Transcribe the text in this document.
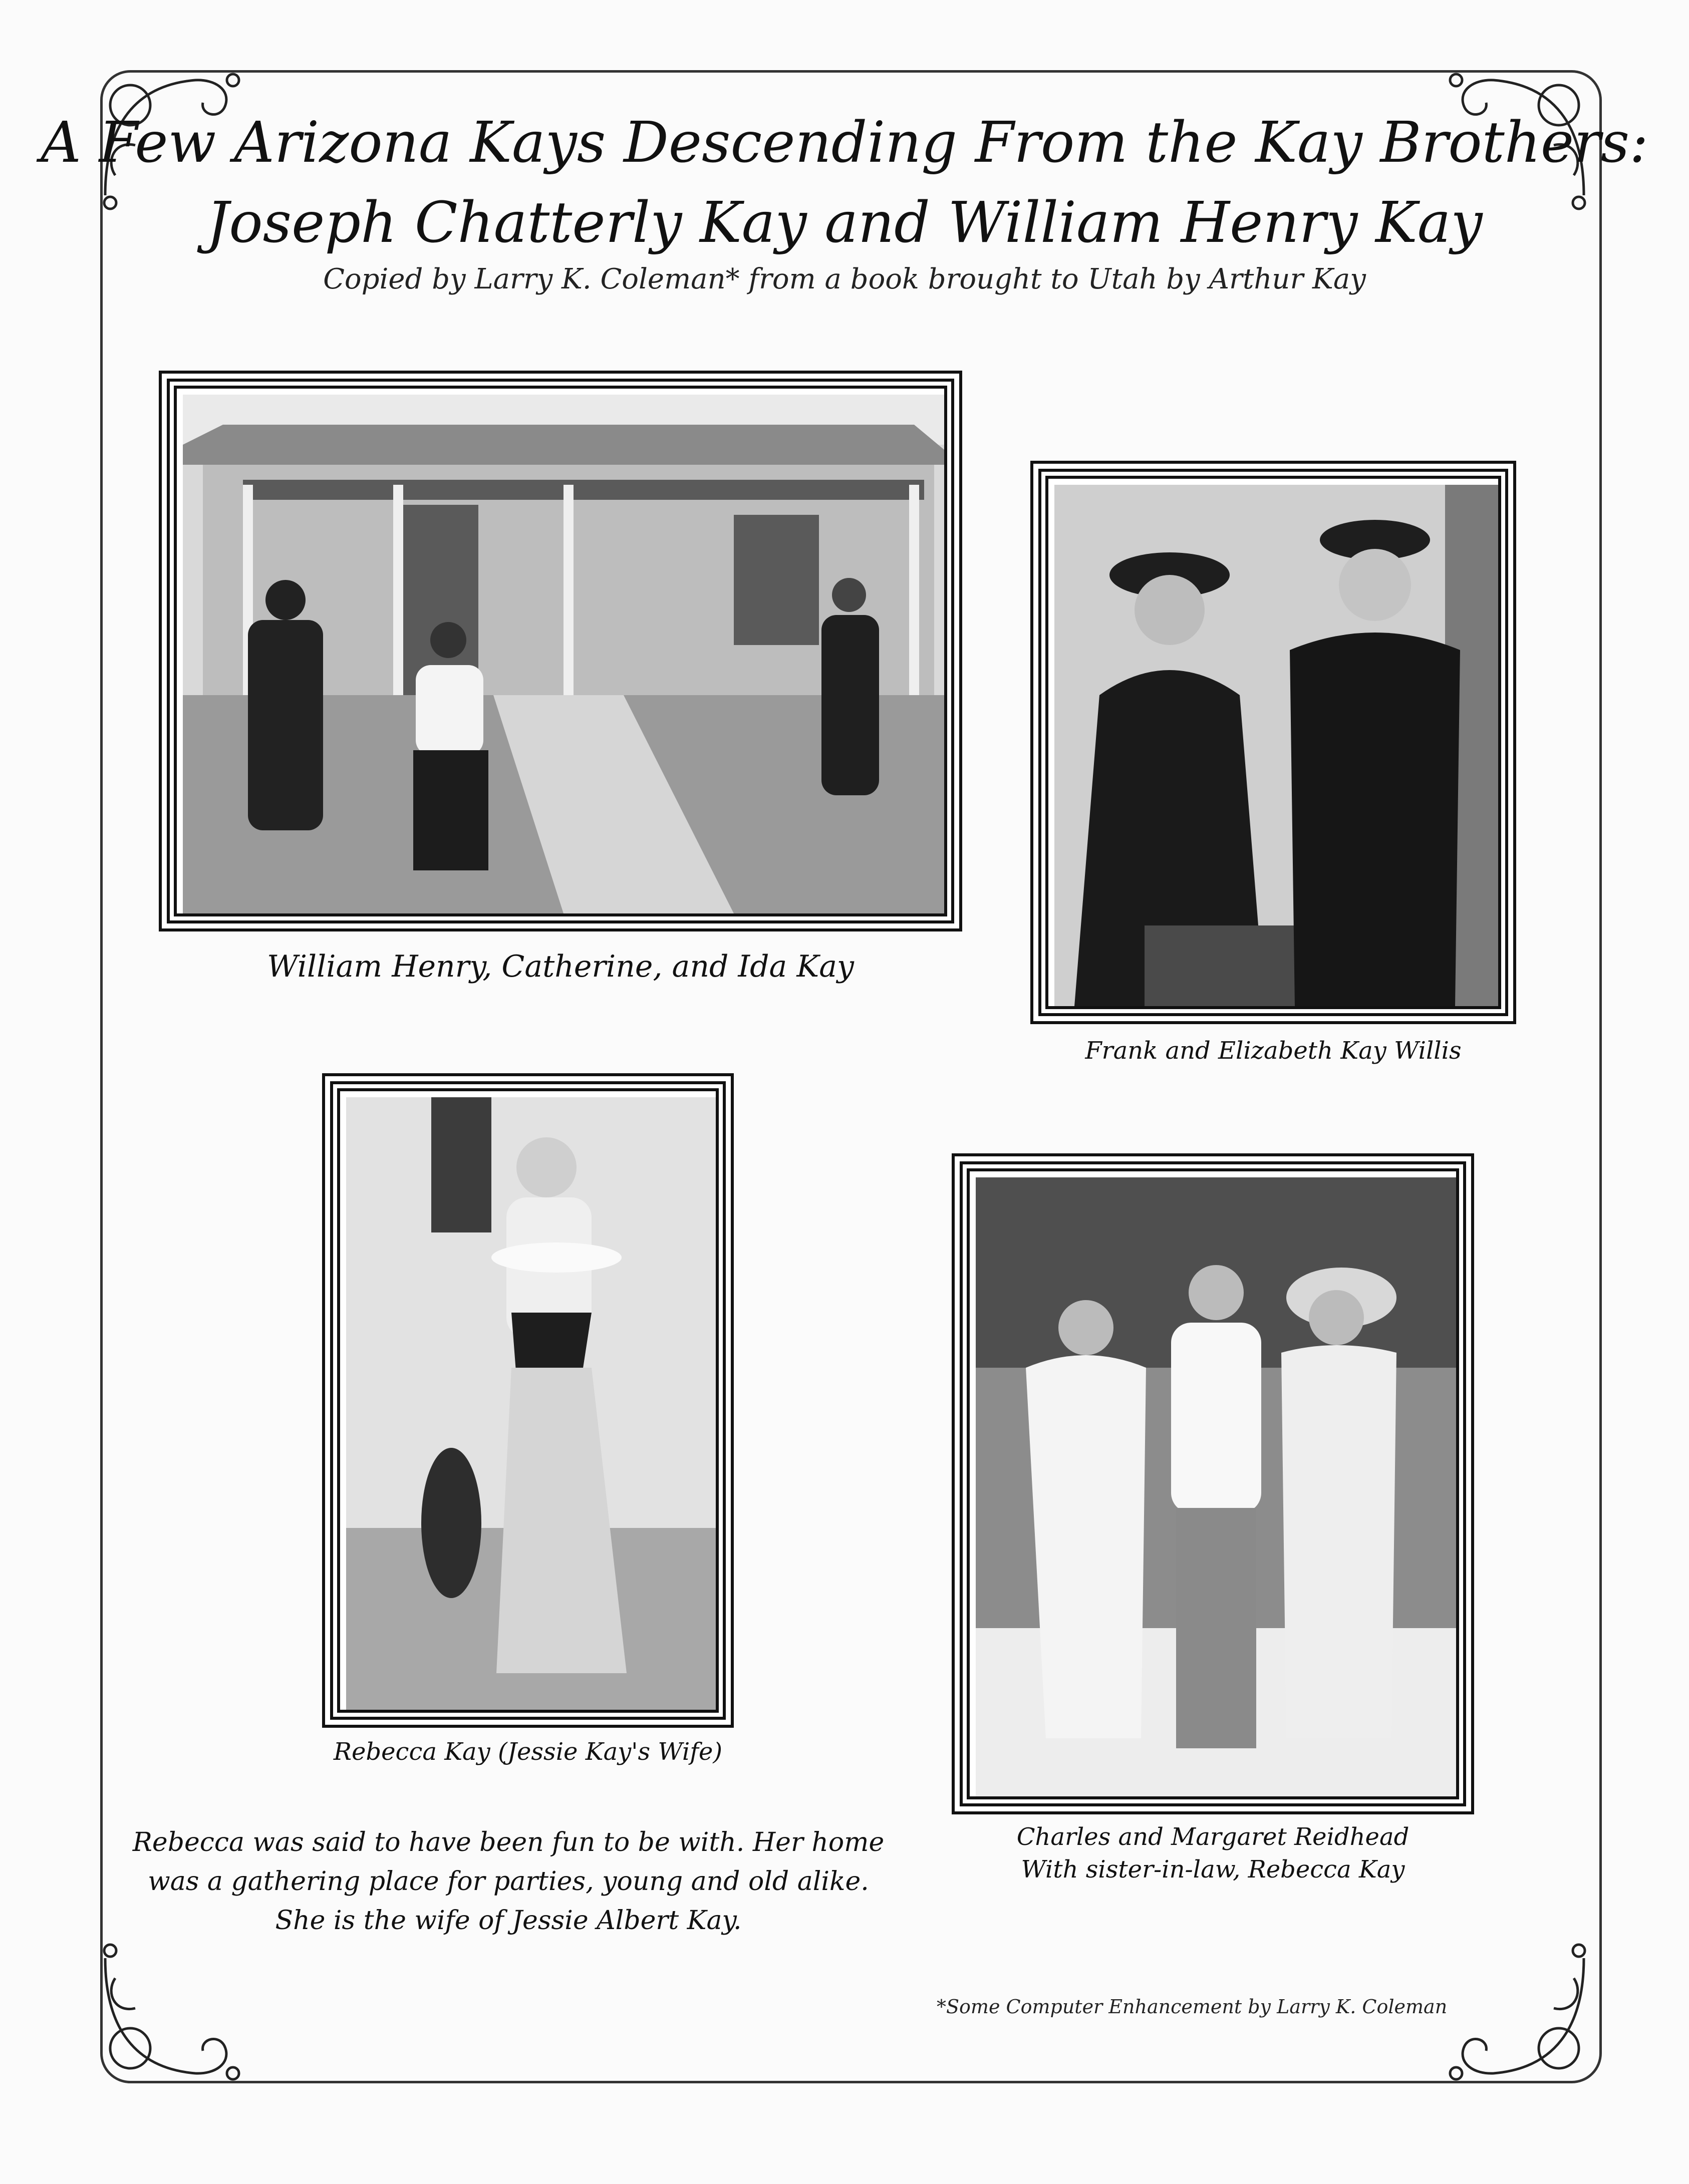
A Few Arizona Kays Descending From the Kay Brothers:
Joseph Chatterly Kay and William Henry Kay
Copied by Larry K. Coleman* from a book brought to Utah by Arthur Kay
William Henry, Catherine, and Ida Kay
Frank and Elizabeth Kay Willis
Rebecca Kay (Jessie Kay's Wife)
Charles and Margaret Reidhead
With sister-in-law, Rebecca Kay
Rebecca was said to have been fun to be with. Her home
was a gathering place for parties, young and old alike.
She is the wife of Jessie Albert Kay.
*Some Computer Enhancement by Larry K. Coleman
